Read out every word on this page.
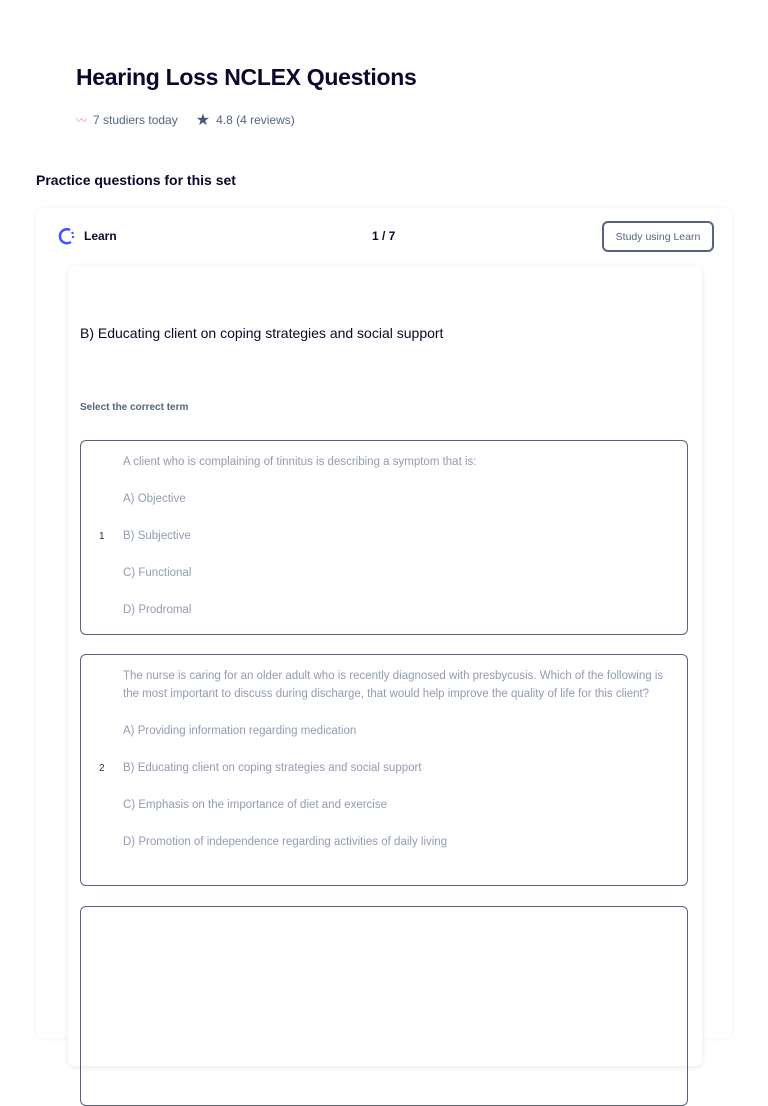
Hearing Loss NCLEX Questions
〰 7 studiers today ★ 4.8 (4 reviews)
Practice questions for this set
Learn	1 / 7	Study using Learn
B) Educating client on coping strategies and social support
Select the correct term
1

A client who is complaining of tinnitus is describing a symptom that is:

A) Objective

B) Subjective

C) Functional

D) Prodromal

2

The nurse is caring for an older adult who is recently diagnosed with presbycusis. Which of the following is the most important to discuss during discharge, that would help improve the quality of life for this client?

A) Providing information regarding medication

B) Educating client on coping strategies and social support

C) Emphasis on the importance of diet and exercise

D) Promotion of independence regarding activities of daily living
